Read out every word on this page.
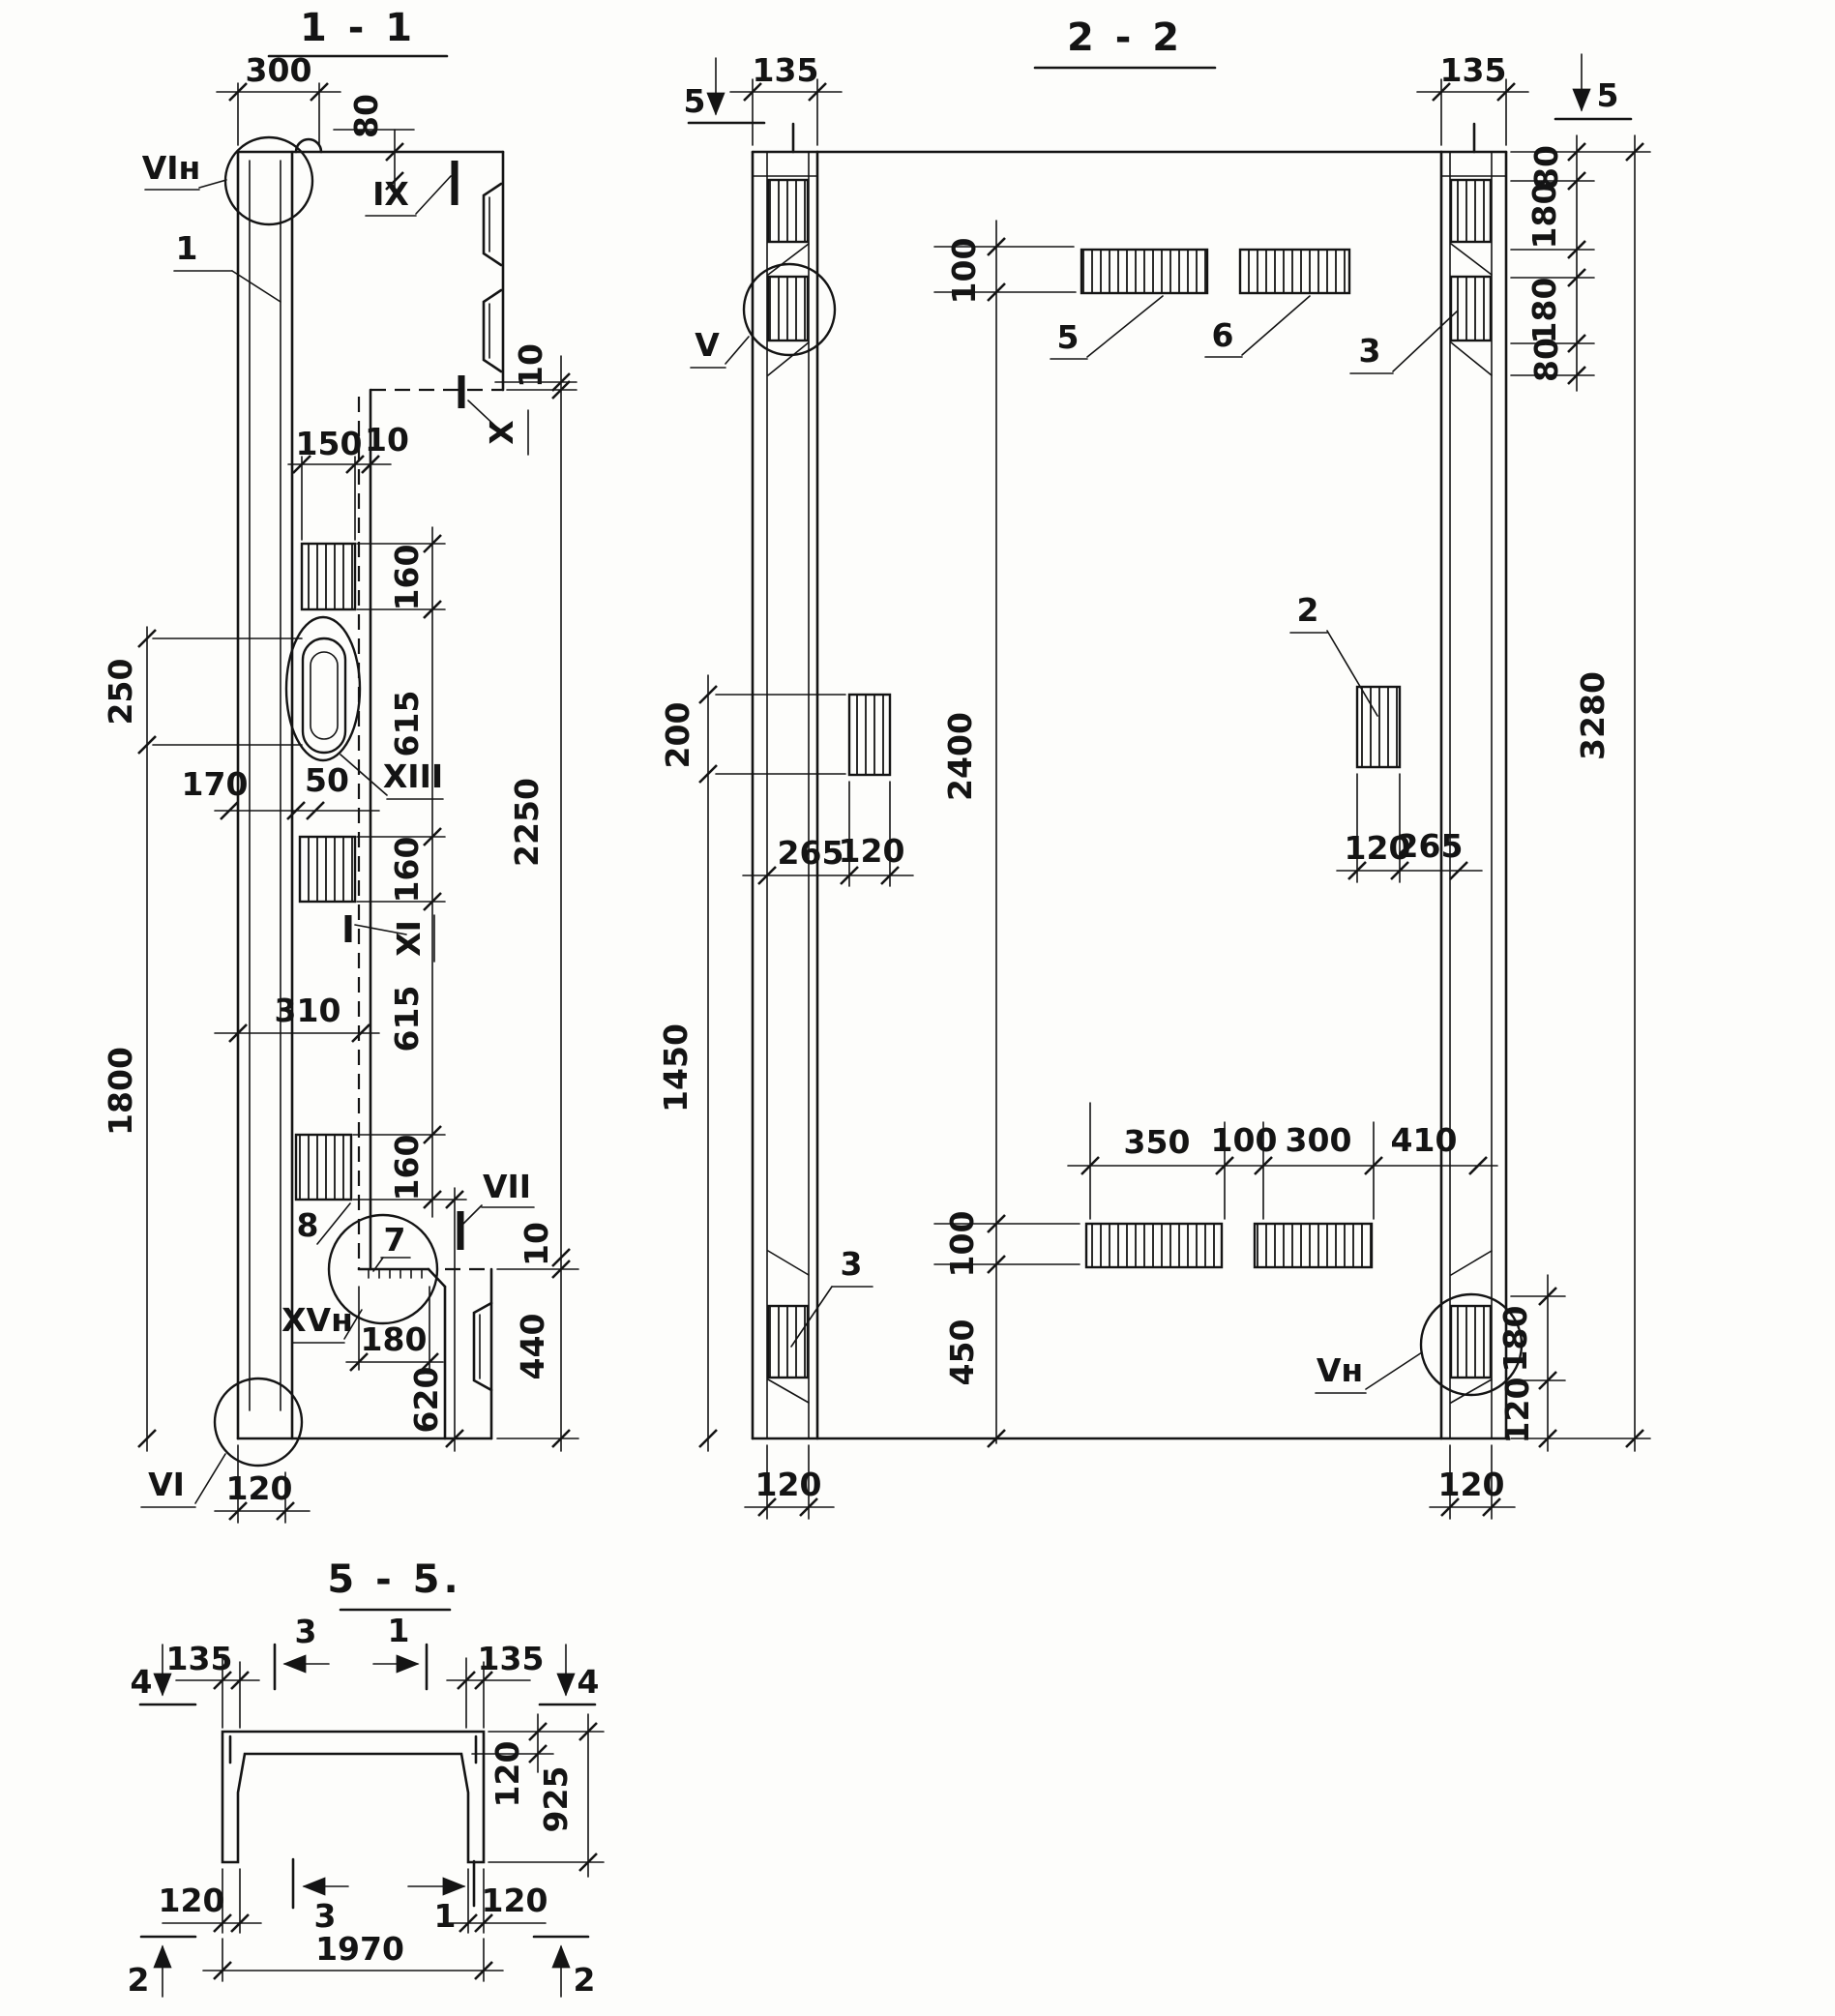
1 - 1
300
80
150 10
160
615
160
615
160
250
1800
170 50
310
180
620
10
2250
10
440
120
VIн
IX
1
X
XIII
XI
8 7
VII
XVн
VI
2 - 2
5	5
135	135
80
180
180
80
3280
100
2400
100
450
200
1450
265
120	120
265
350 100 300 410
180
120
120	120
V	5	6	3
2
3
Vн
5 - 5.
4	4
135	135
3 1
120 925
120	120
3	1
1970
2	2
